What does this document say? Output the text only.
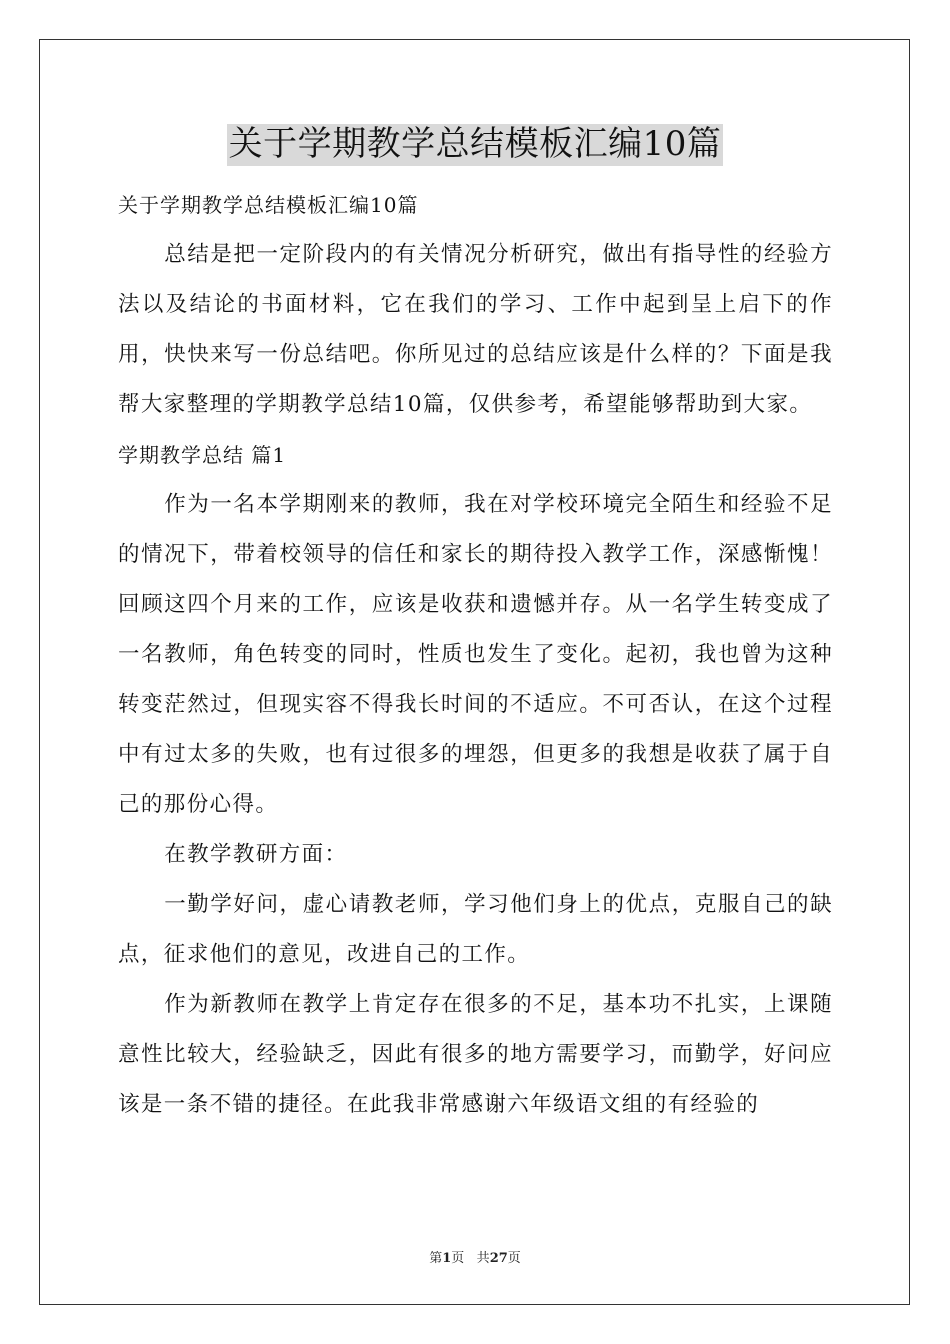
关于学期教学总结模板汇编10篇

关于学期教学总结模板汇编10篇

总结是把一定阶段内的有关情况分析研究，做出有指导性的经验方法以及结论的书面材料，它在我们的学习、工作中起到呈上启下的作用，快快来写一份总结吧。你所见过的总结应该是什么样的？下面是我帮大家整理的学期教学总结10篇，仅供参考，希望能够帮助到大家。

学期教学总结 篇1

作为一名本学期刚来的教师，我在对学校环境完全陌生和经验不足的情况下，带着校领导的信任和家长的期待投入教学工作，深感惭愧！回顾这四个月来的工作，应该是收获和遗憾并存。从一名学生转变成了一名教师，角色转变的同时，性质也发生了变化。起初，我也曾为这种转变茫然过，但现实容不得我长时间的不适应。不可否认，在这个过程中有过太多的失败，也有过很多的埋怨，但更多的我想是收获了属于自己的那份心得。

在教学教研方面：

一勤学好问，虚心请教老师，学习他们身上的优点，克服自己的缺点，征求他们的意见，改进自己的工作。

作为新教师在教学上肯定存在很多的不足，基本功不扎实，上课随意性比较大，经验缺乏，因此有很多的地方需要学习，而勤学，好问应该是一条不错的捷径。在此我非常感谢六年级语文组的有经验的

第1页 共27页
